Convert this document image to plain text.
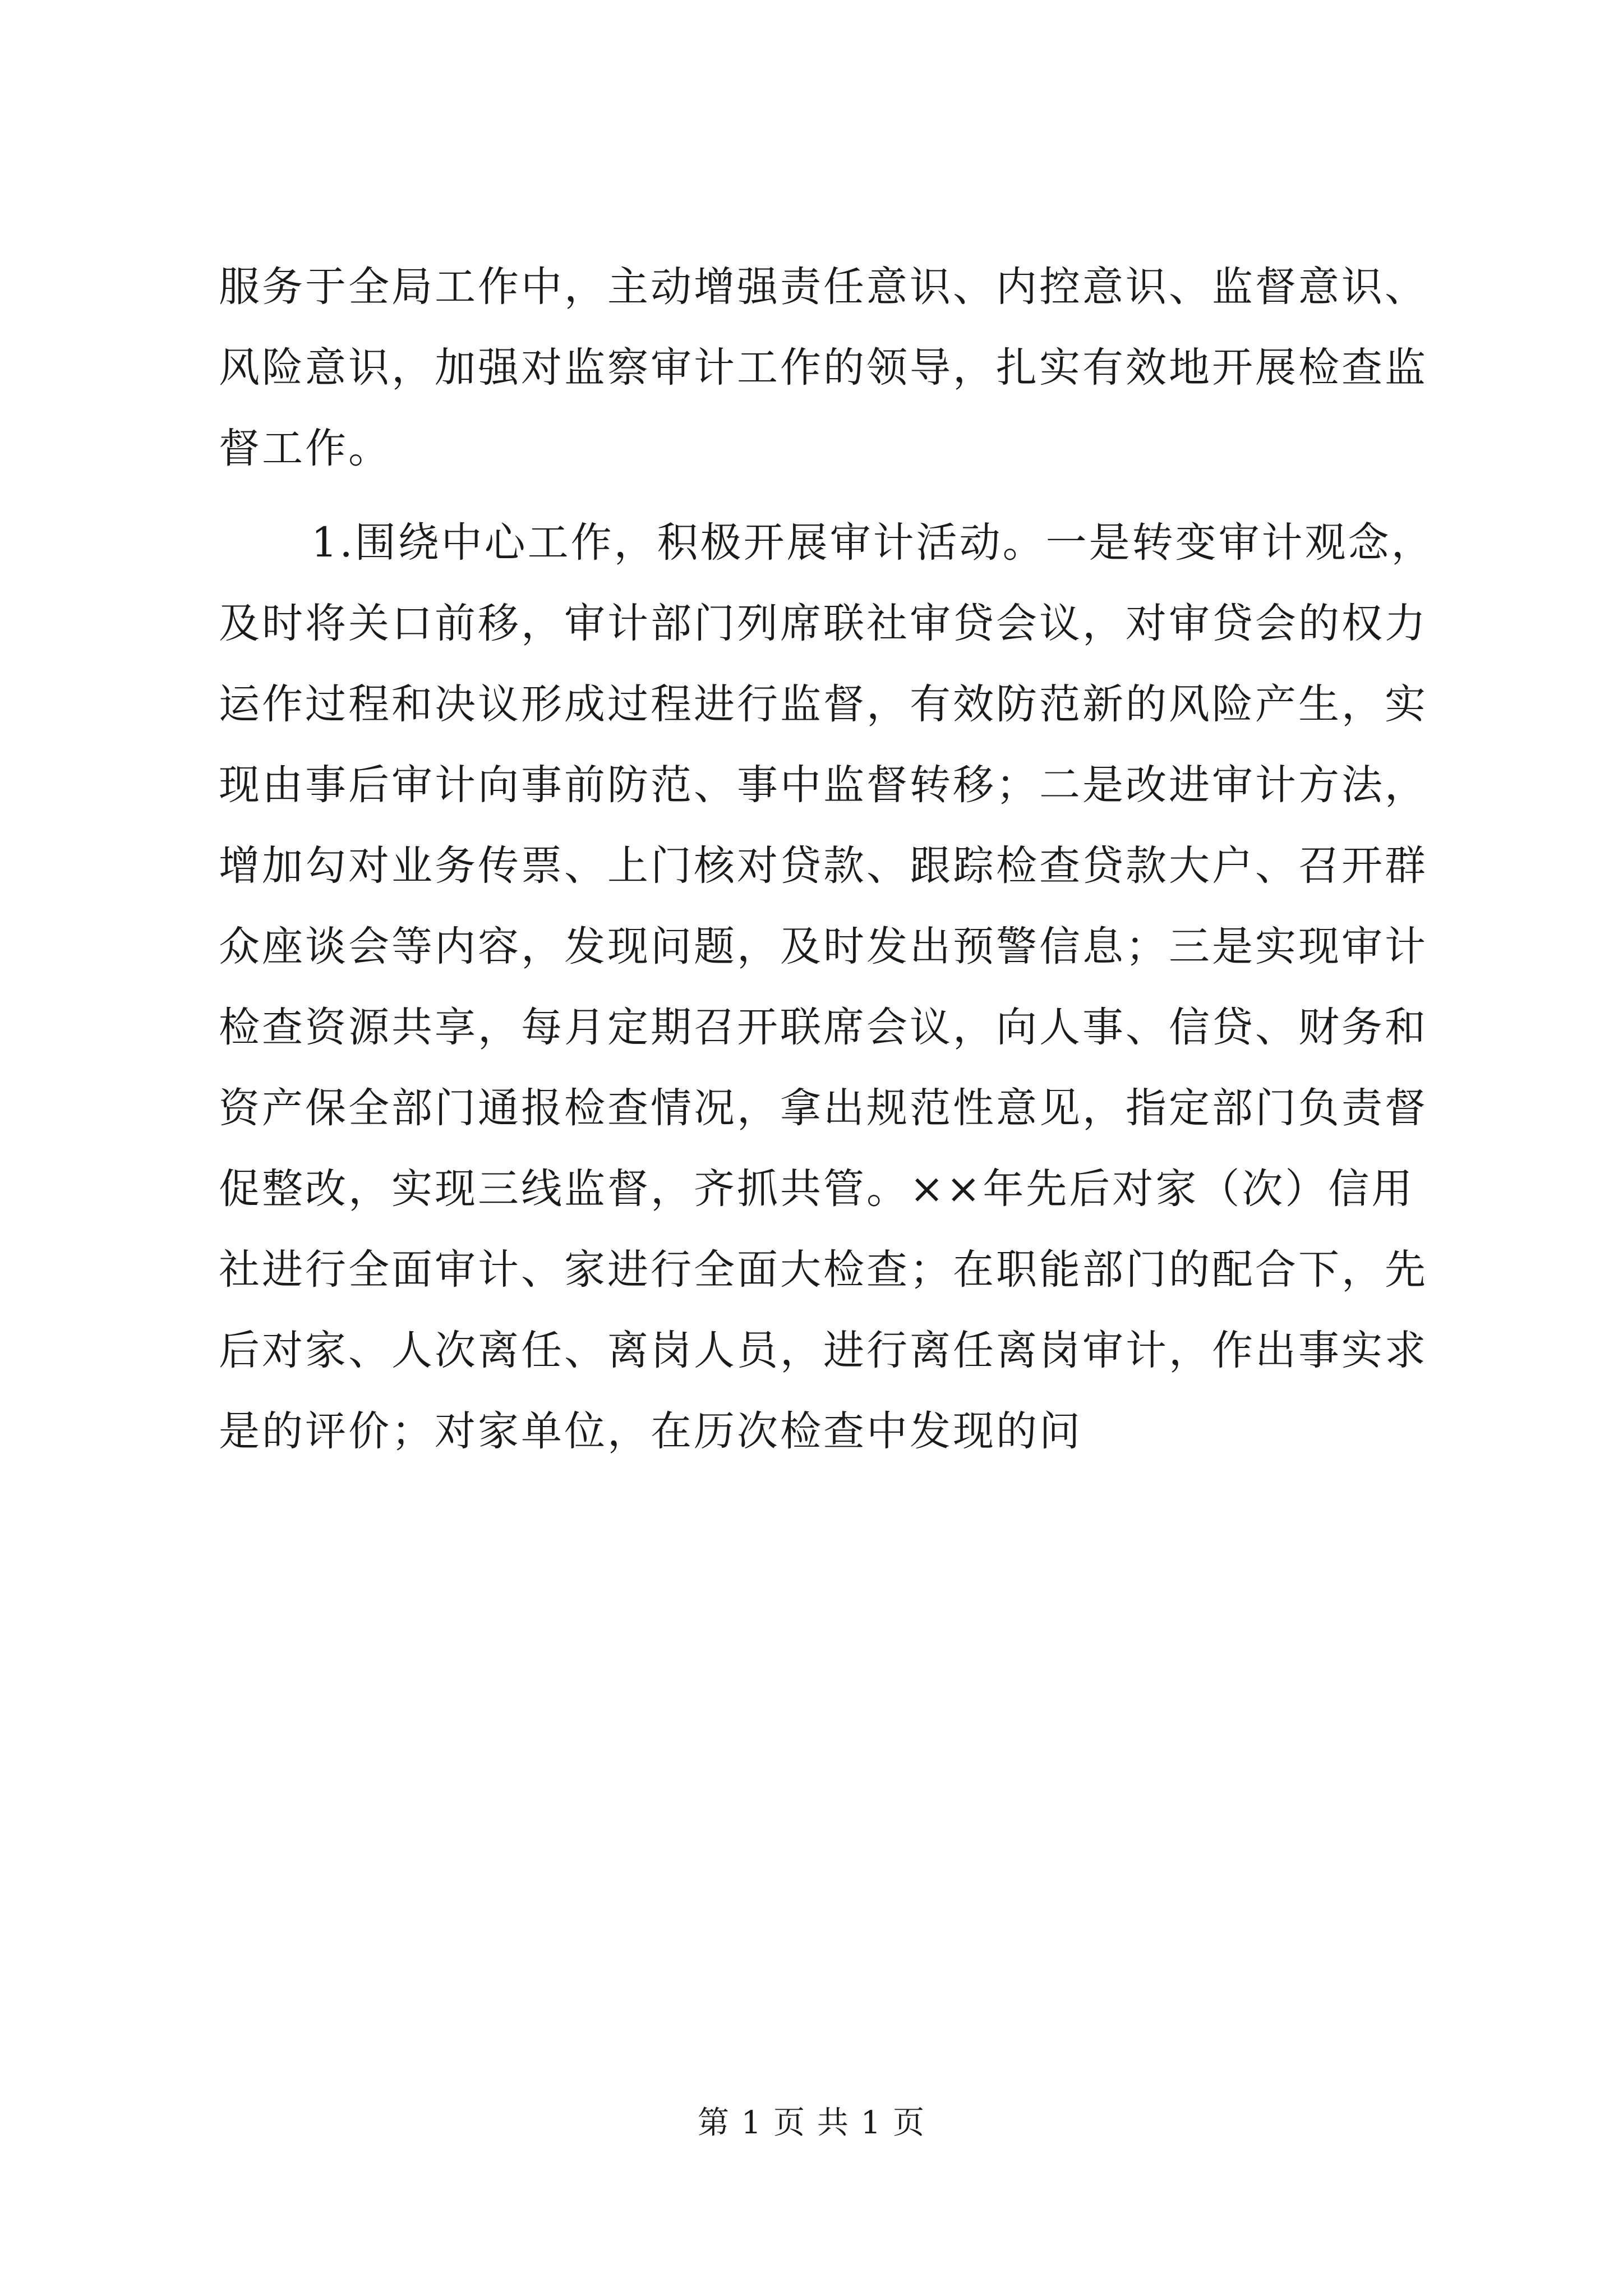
服务于全局工作中，主动增强责任意识、内控意识、监督意识、
风险意识，加强对监察审计工作的领导，扎实有效地开展检查监
督工作。
1.围绕中心工作，积极开展审计活动。一是转变审计观念，
及时将关口前移，审计部门列席联社审贷会议，对审贷会的权力
运作过程和决议形成过程进行监督，有效防范新的风险产生，实
现由事后审计向事前防范、事中监督转移；二是改进审计方法，
增加勾对业务传票、上门核对贷款、跟踪检查贷款大户、召开群
众座谈会等内容，发现问题，及时发出预警信息；三是实现审计
检查资源共享，每月定期召开联席会议，向人事、信贷、财务和
资产保全部门通报检查情况，拿出规范性意见，指定部门负责督
促整改，实现三线监督，齐抓共管。××年先后对家（次）信用
社进行全面审计、家进行全面大检查；在职能部门的配合下，先
后对家、人次离任、离岗人员，进行离任离岗审计，作出事实求
是的评价；对家单位，在历次检查中发现的问
第 1 页 共 1 页
